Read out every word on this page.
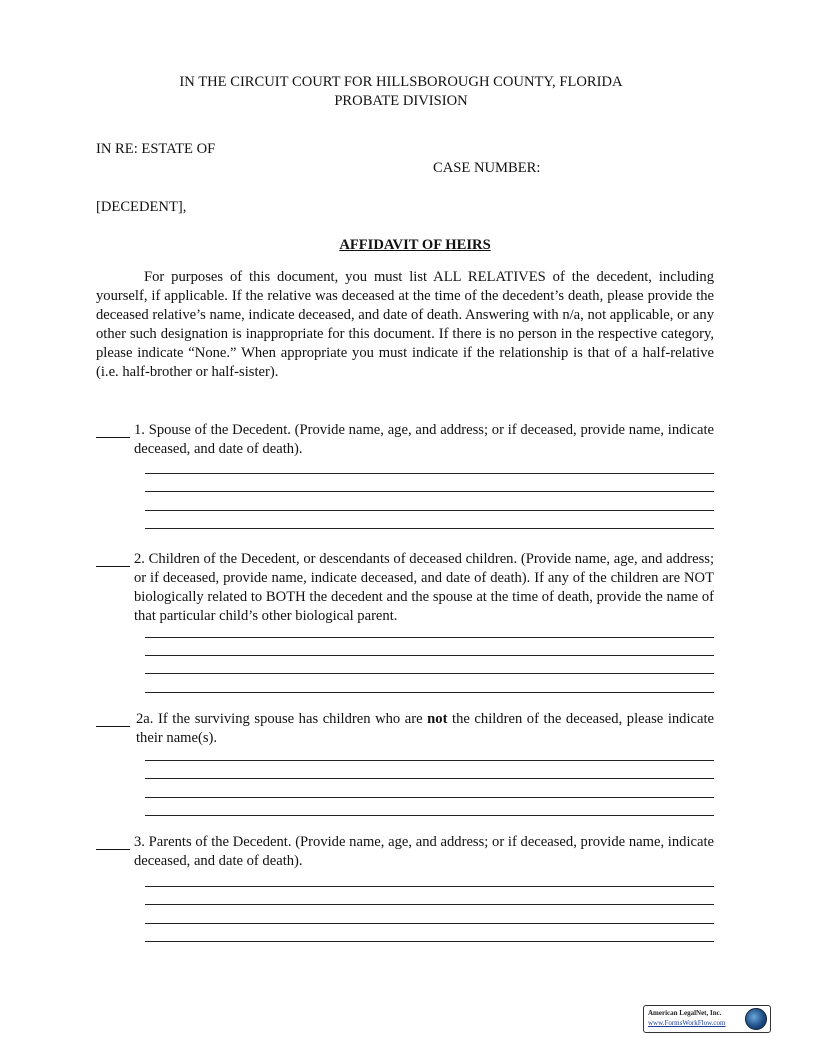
IN THE CIRCUIT COURT FOR HILLSBOROUGH COUNTY, FLORIDA
PROBATE DIVISION
IN RE: ESTATE OF
CASE NUMBER:
[DECEDENT],
AFFIDAVIT OF HEIRS
For purposes of this document, you must list ALL RELATIVES of the decedent, including yourself, if applicable. If the relative was deceased at the time of the decedent’s death, please provide the deceased relative’s name, indicate deceased, and date of death. Answering with n/a, not applicable, or any other such designation is inappropriate for this document. If there is no person in the respective category, please indicate “None.” When appropriate you must indicate if the relationship is that of a half-relative (i.e. half-brother or half-sister).
1. Spouse of the Decedent. (Provide name, age, and address; or if deceased, provide name, indicate deceased, and date of death).
2. Children of the Decedent, or descendants of deceased children. (Provide name, age, and address; or if deceased, provide name, indicate deceased, and date of death). If any of the children are NOT biologically related to BOTH the decedent and the spouse at the time of death, provide the name of that particular child’s other biological parent.
2a. If the surviving spouse has children who are not the children of the deceased, please indicate their name(s).
3. Parents of the Decedent. (Provide name, age, and address; or if deceased, provide name, indicate deceased, and date of death).
American LegalNet, Inc.
www.FormsWorkFlow.com
